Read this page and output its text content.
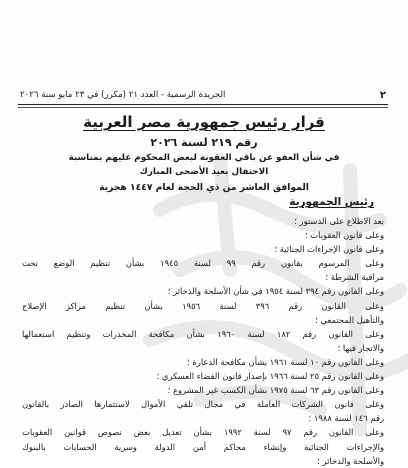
٢
الجريدة الرسمية - العدد ٢١ (مكرر) في ٢٣ مايو سنة ٢٠٢٦
قرار رئيس جمهورية مصر العربية
رقم ٢١٩ لسنة ٢٠٢٦
في شأن العفو عن باقي العقوبة لبعض المحكوم عليهم بمناسبة
الاحتفال بعيد الأضحى المبارك
الموافق العاشر من ذي الحجة لعام ١٤٤٧ هجرية
رئيس الجمهورية
بعد الاطلاع على الدستور ؛
وعلى قانون العقوبات ؛
وعلى قانون الإجراءات الجنائية ؛
وعلى المرسوم بقانون رقم ٩٩ لسنة ١٩٤٥ بشأن تنظيم الوضع تحت
مراقبة الشرطة ؛
وعلى القانون رقم ٣٩٤ لسنة ١٩٥٤ في شأن الأسلحة والذخائر ؛
وعلى القانون رقم ٣٩٦ لسنة ١٩٥٦ بشأن تنظيم مراكز الإصلاح
والتأهيل المجتمعي ؛
وعلى القانون رقم ١٨٢ لسنة ١٩٦٠ بشأن مكافحة المخدرات وتنظيم استعمالها
والاتجار فيها ؛
وعلى القانون رقم ١٠ لسنة ١٩٦١ بشأن مكافحة الدعارة ؛
وعلى القانون رقم ٢٥ لسنة ١٩٦٦ بإصدار قانون القضاء العسكري ؛
وعلى القانون رقم ٦٣ لسنة ١٩٧٥ بشأن الكسب غير المشروع ؛
وعلى قانون الشركات العاملة في مجال تلقي الأموال لاستثمارها الصادر بالقانون
رقم ١٤٦ لسنة ١٩٨٨ ؛
وعلى القانون رقم ٩٧ لسنة ١٩٩٢ بشأن تعديل بعض نصوص قوانين العقوبات
والإجراءات الجنائية وإنشاء محاكم أمن الدولة وسرية الحسابات بالبنوك
والأسلحة والذخائر ؛
